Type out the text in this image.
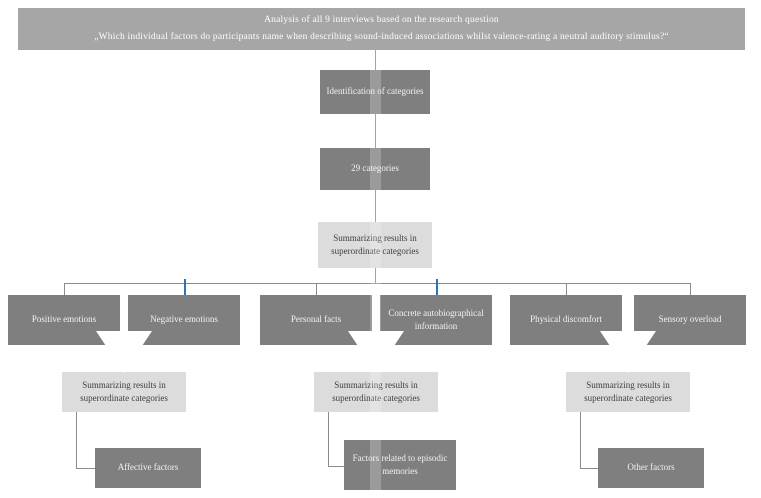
Analysis of all 9 interviews based on the research question
„Which individual factors do participants name when describing sound-induced associations whilst valence-rating a neutral auditory stimulus?“
Identification of categories
29 categories
Summarizing results in superordinate categories
Positive emotions	Negative emotions	Personal facts
Concrete autobiographical information
Physical discomfort	Sensory overload
Summarizing results in superordinate categories
Summarizing results in superordinate categories
Summarizing results in superordinate categories
Affective factors
Factors related to episodic memories	Other factors
